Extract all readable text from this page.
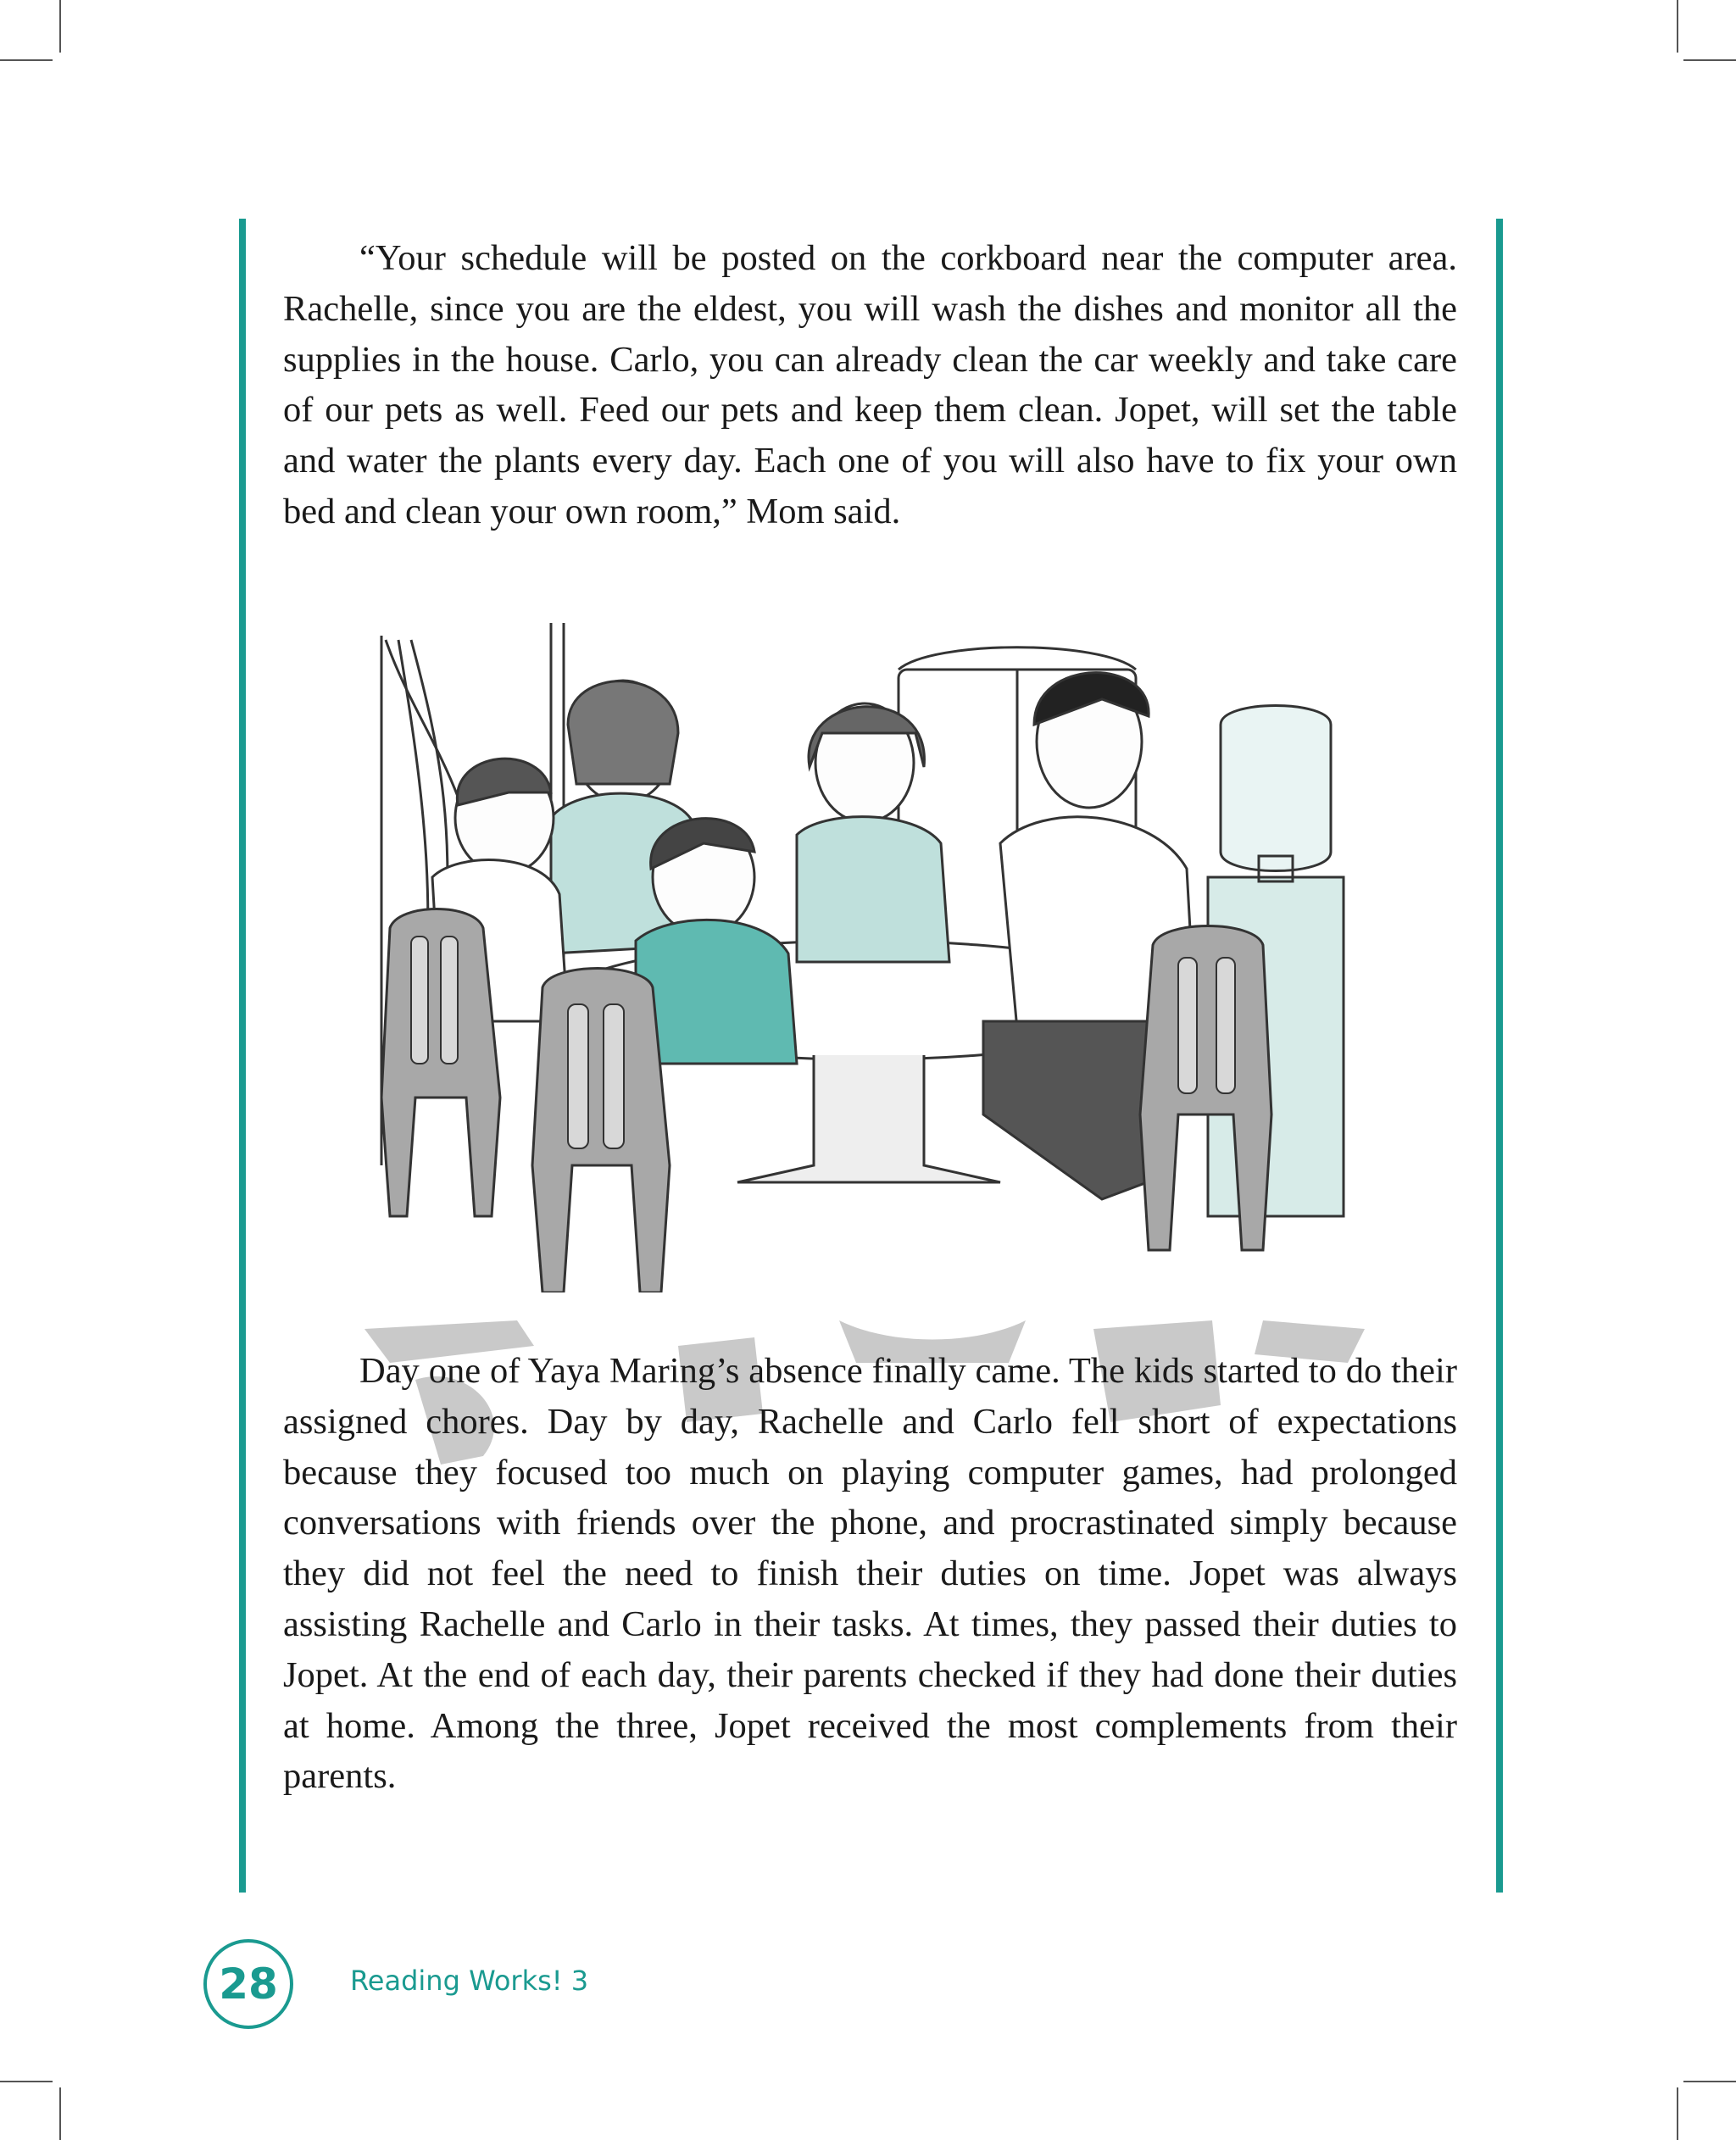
“Your schedule will be posted on the corkboard near the computer area. Rachelle, since you are the eldest, you will wash the dishes and monitor all the supplies in the house. Carlo, you can already clean the car weekly and take care of our pets as well. Feed our pets and keep them clean. Jopet, will set the table and water the plants every day. Each one of you will also have to fix your own bed and clean your own room,” Mom said.

Day one of Yaya Maring’s absence finally came. The kids started to do their assigned chores. Day by day, Rachelle and Carlo fell short of expectations because they focused too much on playing computer games, had prolonged conversations with friends over the phone, and procrastinated simply because they did not feel the need to finish their duties on time. Jopet was always assisting Rachelle and Carlo in their tasks. At times, they passed their duties to Jopet. At the end of each day, their parents checked if they had done their duties at home. Among the three, Jopet received the most complements from their parents.

28	Reading Works! 3
